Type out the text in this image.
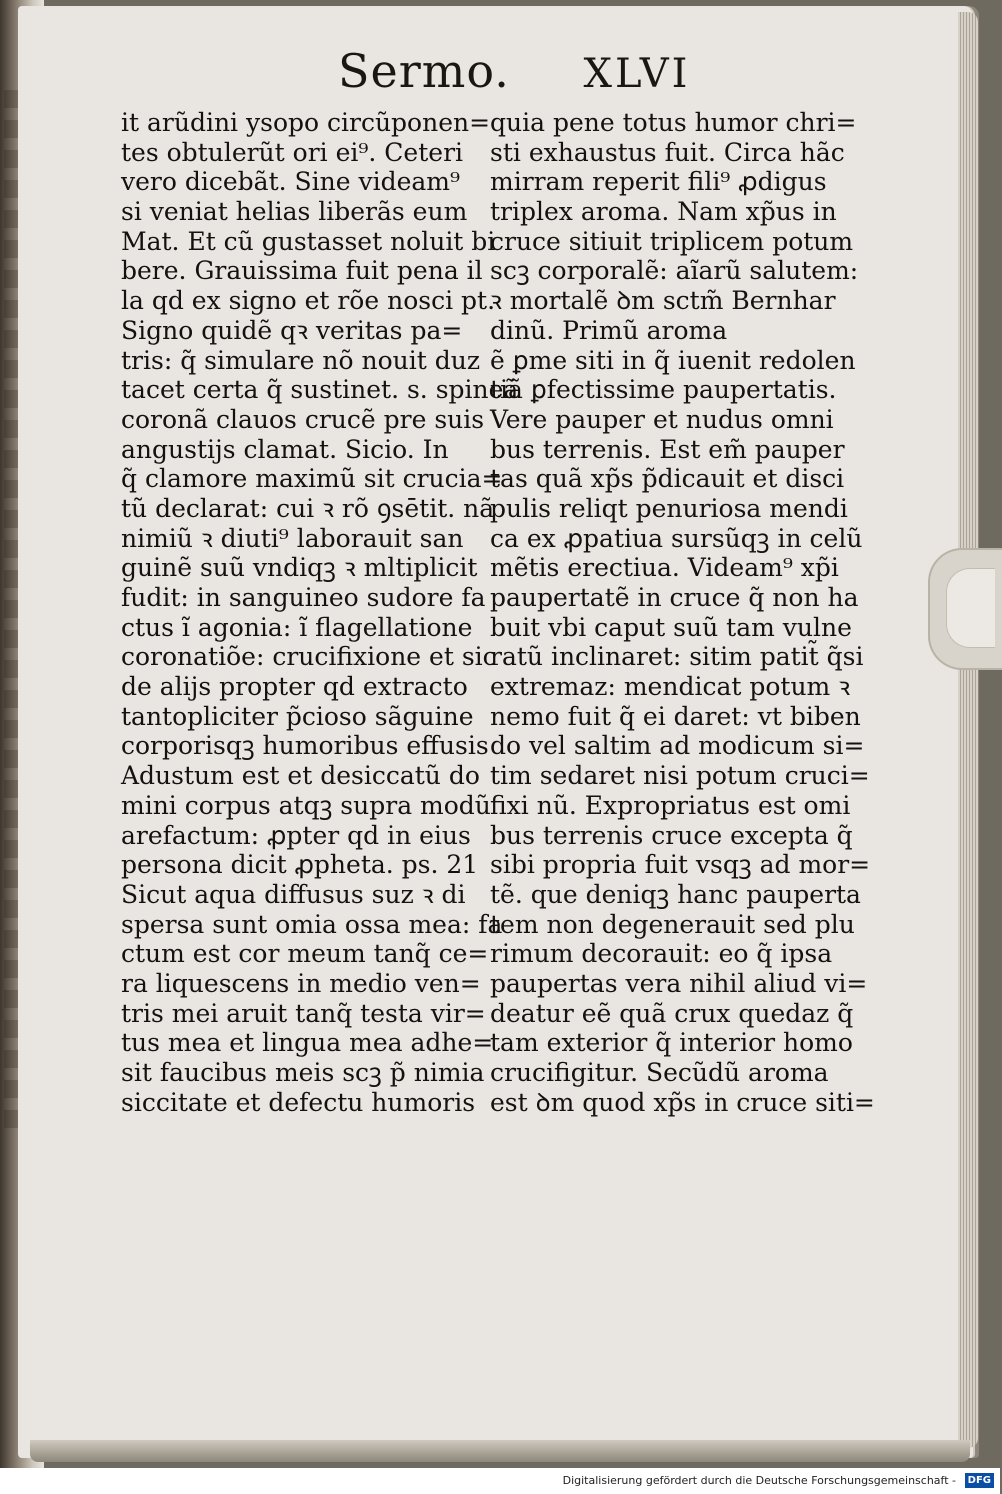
Sermo. XLVI
it arũdini ysopo circũponen=
tes obtulerũt ori ei⁹. Ceteri
vero dicebãt. Sine videam⁹
si veniat helias liberãs eum
Mat. Et cũ gustasset noluit bi
bere. Grauissima fuit pena il
la qd ex signo et rõe nosci pt.
Signo quidẽ qꝛ veritas pa=
tris: q̃ simulare nõ nouit duz
tacet certa q̃ sustinet. s. spineã
coronã clauos crucẽ pre suis
angustijs clamat. Sicio. In
q̃ clamore maximũ sit crucia=
tũ declarat: cui ꝛ rõ ꝯsētit. nã
nimiũ ꝛ diuti⁹ laborauit san
guinẽ suũ vndiqꝫ ꝛ mltiplicit
fudit: in sanguineo sudore fa
ctus ĩ agonia: ĩ flagellatione
coronatiõe: crucifixione et sic
de alijs propter qd extracto
tantopliciter p̃cioso sãguine
corporisqꝫ humoribus effusis
Adustum est et desiccatũ do
mini corpus atqꝫ supra modũ
arefactum: ꝓpter qd in eius
persona dicit ꝓpheta. ps. 21
Sicut aqua diffusus suz ꝛ di
spersa sunt omia ossa mea: fa
ctum est cor meum tanq̃ ce=
ra liquescens in medio ven=
tris mei aruit tanq̃ testa vir=
tus mea et lingua mea adhe=
sit faucibus meis scꝫ p̃ nimia
siccitate et defectu humoris
quia pene totus humor chri=
sti exhaustus fuit. Circa hãc
mirram reperit fili⁹ ꝓdigus
triplex aroma. Nam xp̃us in
cruce sitiuit triplicem potum
scꝫ corporalẽ: aĩarũ salutem:
ꝛ mortalẽ ꝺm sctm̃ Bernhar
dinũ. Primũ aroma
ẽ ꝑme siti in q̃ iuenit redolen
tiã ꝑfectissime paupertatis.
Vere pauper et nudus omni
bus terrenis. Est em̃ pauper
tas quã xp̃s p̃dicauit et disci
pulis reliqt penuriosa mendi
ca ex ꝓpatiua sursũqꝫ in celũ
mẽtis erectiua. Videam⁹ xp̃i
paupertatẽ in cruce q̃ non ha
buit vbi caput suũ tam vulne
ratũ inclinaret: sitim patit̃ q̃si
extremaz: mendicat potum ꝛ
nemo fuit q̃ ei daret: vt biben
do vel saltim ad modicum si=
tim sedaret nisi potum cruci=
fixi nũ. Expropriatus est omi
bus terrenis cruce excepta q̃
sibi propria fuit vsqꝫ ad mor=
tẽ. que deniqꝫ hanc pauperta
tem non degenerauit sed plu
rimum decorauit: eo q̃ ipsa
paupertas vera nihil aliud vi=
deatur eẽ quã crux quedaz q̃
tam exterior q̃ interior homo
crucifigitur. Secũdũ aroma
est ꝺm quod xp̃s in cruce siti=
Digitalisierung gefördert durch die Deutsche Forschungsgemeinschaft -	DFG
